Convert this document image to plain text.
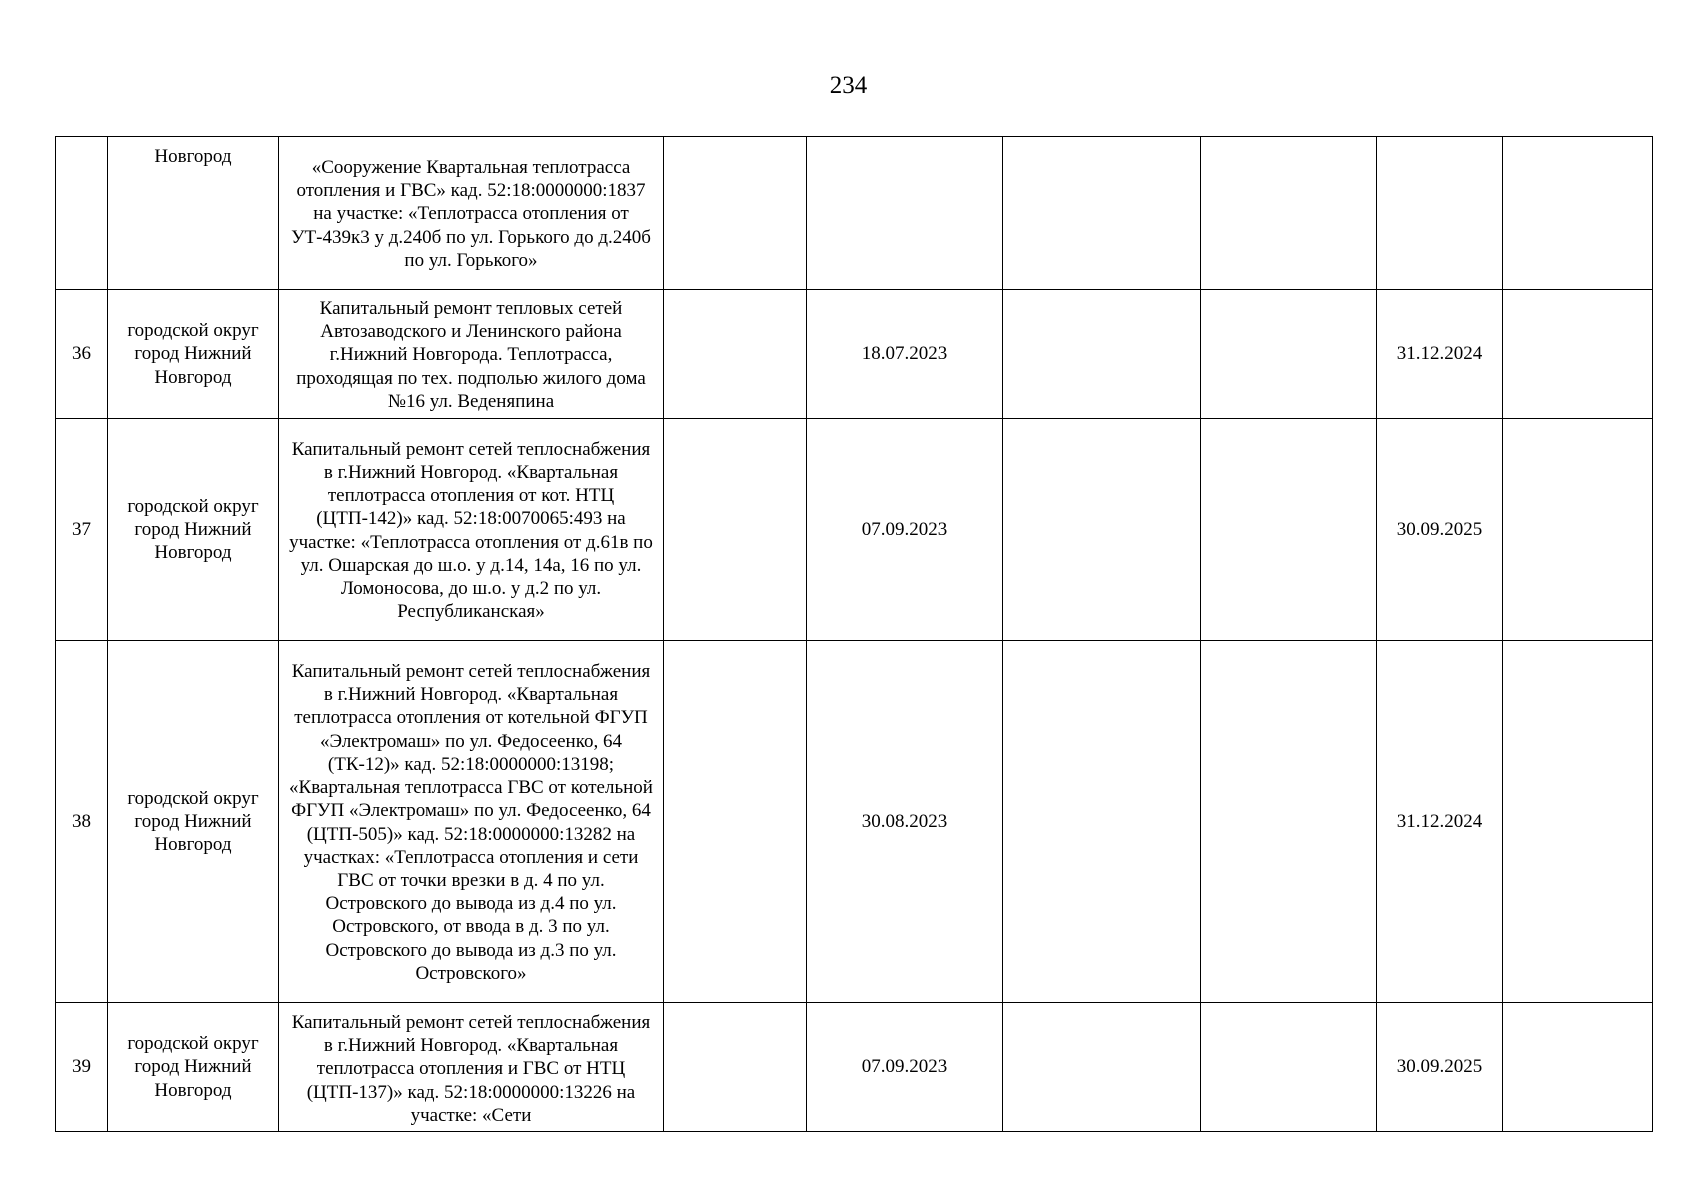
234
	Новгород	«Сооружение Квартальная теплотрасса отопления и ГВС» кад. 52:18:0000000:1837 на участке: «Теплотрасса отопления от УТ-439к3 у д.240б по ул. Горького до д.240б по ул. Горького»						
36	городской округ город Нижний Новгород	Капитальный ремонт тепловых сетей Автозаводского и Ленинского района г.Нижний Новгорода. Теплотрасса, проходящая по тех. подполью жилого дома №16 ул. Веденяпина		18.07.2023			31.12.2024	
37	городской округ город Нижний Новгород	Капитальный ремонт сетей теплоснабжения в г.Нижний Новгород. «Квартальная теплотрасса отопления от кот. НТЦ (ЦТП-142)» кад. 52:18:0070065:493 на участке: «Теплотрасса отопления от д.61в по ул. Ошарская до ш.о. у д.14, 14а, 16 по ул. Ломоносова, до ш.о. у д.2 по ул. Республиканская»		07.09.2023			30.09.2025	
38	городской округ город Нижний Новгород	Капитальный ремонт сетей теплоснабжения в г.Нижний Новгород. «Квартальная теплотрасса отопления от котельной ФГУП «Электромаш» по ул. Федосеенко, 64 (ТК-12)» кад. 52:18:0000000:13198; «Квартальная теплотрасса ГВС от котельной ФГУП «Электромаш» по ул. Федосеенко, 64 (ЦТП-505)» кад. 52:18:0000000:13282 на участках: «Теплотрасса отопления и сети ГВС от точки врезки в д. 4 по ул. Островского до вывода из д.4 по ул. Островского, от ввода в д. 3 по ул. Островского до вывода из д.3 по ул. Островского»		30.08.2023			31.12.2024	
39	городской округ город Нижний Новгород	Капитальный ремонт сетей теплоснабжения в г.Нижний Новгород. «Квартальная теплотрасса отопления и ГВС от НТЦ (ЦТП-137)» кад. 52:18:0000000:13226 на участке: «Сети		07.09.2023			30.09.2025	
